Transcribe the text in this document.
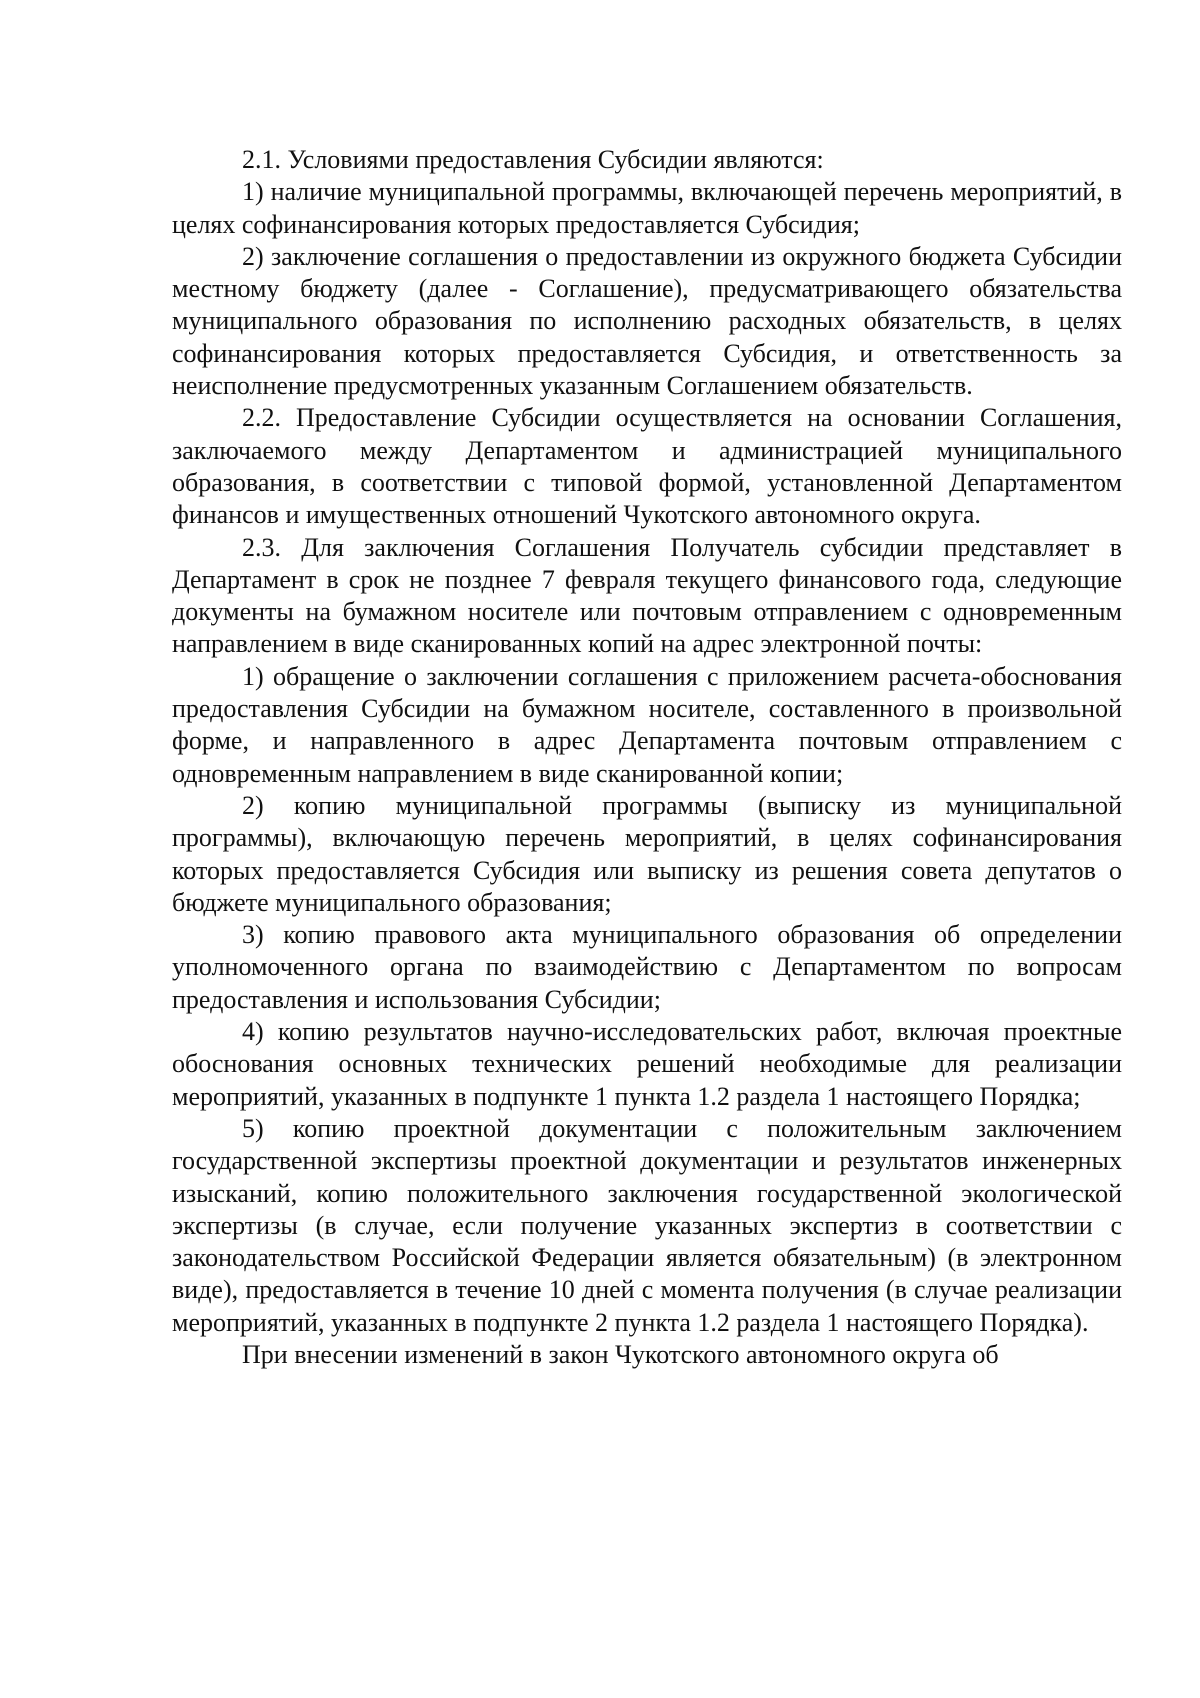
2.1. Условиями предоставления Субсидии являются:

1) наличие муниципальной программы, включающей перечень мероприятий, в целях софинансирования которых предоставляется Субсидия;

2) заключение соглашения о предоставлении из окружного бюджета Субсидии местному бюджету (далее - Соглашение), предусматривающего обязательства муниципального образования по исполнению расходных обязательств, в целях софинансирования которых предоставляется Субсидия, и ответственность за неисполнение предусмотренных указанным Соглашением обязательств.

2.2. Предоставление Субсидии осуществляется на основании Соглашения, заключаемого между Департаментом и администрацией муниципального образования, в соответствии с типовой формой, установленной Департаментом финансов и имущественных отношений Чукотского автономного округа.

2.3. Для заключения Соглашения Получатель субсидии представляет в Департамент в срок не позднее 7 февраля текущего финансового года, следующие документы на бумажном носителе или почтовым отправлением с одновременным направлением в виде сканированных копий на адрес электронной почты:

1) обращение о заключении соглашения с приложением расчета-обоснования предоставления Субсидии на бумажном носителе, составленного в произвольной форме, и направленного в адрес Департамента почтовым отправлением с одновременным направлением в виде сканированной копии;

2) копию муниципальной программы (выписку из муниципальной программы), включающую перечень мероприятий, в целях софинансирования которых предоставляется Субсидия или выписку из решения совета депутатов о бюджете муниципального образования;

3) копию правового акта муниципального образования об определении уполномоченного органа по взаимодействию с Департаментом по вопросам предоставления и использования Субсидии;

4) копию результатов научно-исследовательских работ, включая проектные обоснования основных технических решений необходимые для реализации мероприятий, указанных в подпункте 1 пункта 1.2 раздела 1 настоящего Порядка;

5) копию проектной документации с положительным заключением государственной экспертизы проектной документации и результатов инженерных изысканий, копию положительного заключения государственной экологической экспертизы (в случае, если получение указанных экспертиз в соответствии с законодательством Российской Федерации является обязательным) (в электронном виде), предоставляется в течение 10 дней с момента получения (в случае реализации мероприятий, указанных в подпункте 2 пункта 1.2 раздела 1 настоящего Порядка).

При внесении изменений в закон Чукотского автономного округа об
